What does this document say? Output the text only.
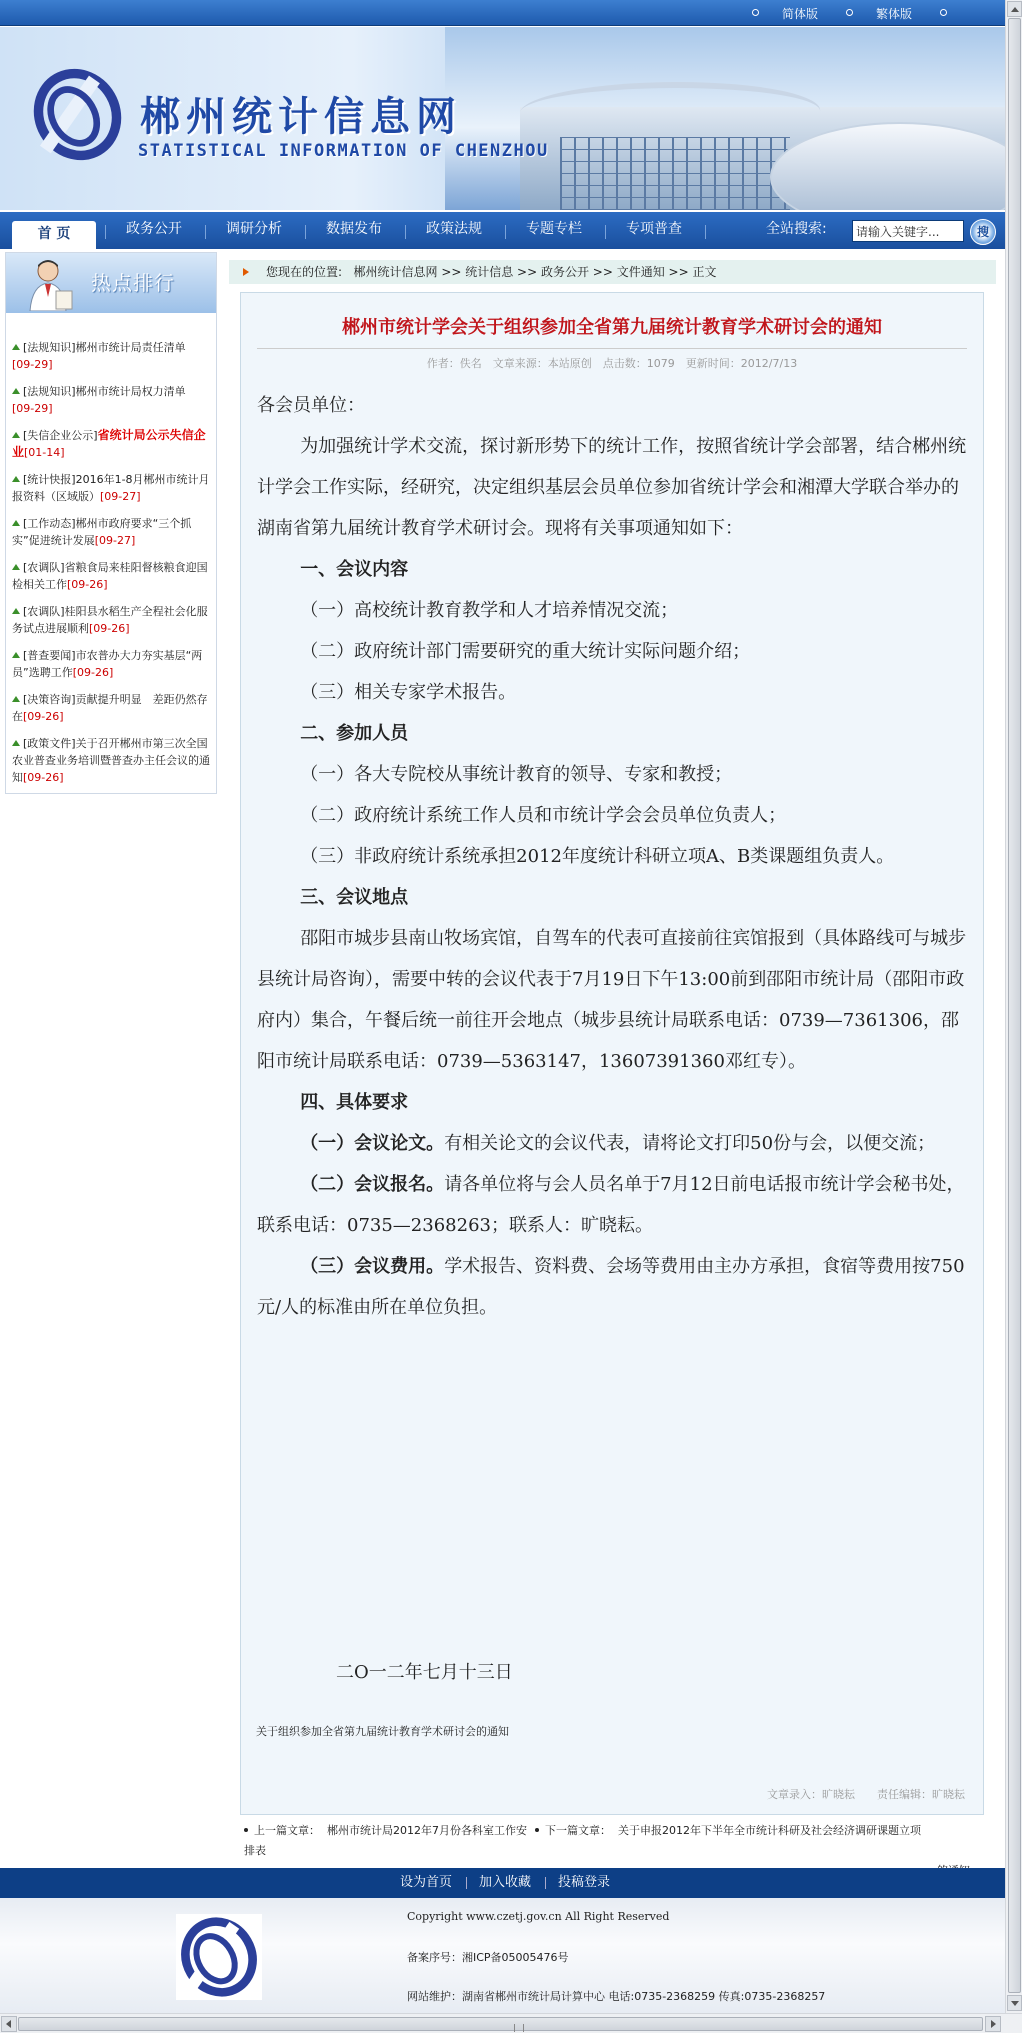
简体版	繁体版
郴州统计信息网
STATISTICAL INFORMATION OF CHENZHOU
首 页	政务公开	调研分析	数据发布	政策法规	专题专栏	专项普查	全站搜索:
请输入关键字...	搜
热点排行
[法规知识]郴州市统计局责任清单
[09-29]
[法规知识]郴州市统计局权力清单
[09-29]
[失信企业公示]省统计局公示失信企业[01-14]
[统计快报]2016年1-8月郴州市统计月报资料（区域版）[09-27]
[工作动态]郴州市政府要求“三个抓实”促进统计发展[09-27]
[农调队]省粮食局来桂阳督核粮食迎国检相关工作[09-26]
[农调队]桂阳县水稻生产全程社会化服务试点进展顺利[09-26]
[普查要闻]市农普办大力夯实基层“两员”选聘工作[09-26]
[决策咨询]贡献提升明显　差距仍然存在[09-26]
[政策文件]关于召开郴州市第三次全国农业普查业务培训暨普查办主任会议的通知[09-26]
您现在的位置: 郴州统计信息网 >> 统计信息 >> 政务公开 >> 文件通知 >> 正文
郴州市统计学会关于组织参加全省第九届统计教育学术研讨会的通知
作者：佚名　文章来源：本站原创　点击数：1079　更新时间：2012/7/13

各会员单位：

为加强统计学术交流，探讨新形势下的统计工作，按照省统计学会部署，结合郴州统计学会工作实际，经研究，决定组织基层会员单位参加省统计学会和湘潭大学联合举办的湖南省第九届统计教育学术研讨会。现将有关事项通知如下：

一、会议内容

（一）高校统计教育教学和人才培养情况交流；

（二）政府统计部门需要研究的重大统计实际问题介绍；

（三）相关专家学术报告。

二、参加人员

（一）各大专院校从事统计教育的领导、专家和教授；

（二）政府统计系统工作人员和市统计学会会员单位负责人；

（三）非政府统计系统承担2012年度统计科研立项A、B类课题组负责人。

三、会议地点

邵阳市城步县南山牧场宾馆，自驾车的代表可直接前往宾馆报到（具体路线可与城步县统计局咨询），需要中转的会议代表于7月19日下午13:00前到邵阳市统计局（邵阳市政府内）集合，午餐后统一前往开会地点（城步县统计局联系电话：0739—7361306，邵阳市统计局联系电话：0739—5363147，13607391360邓红专）。

四、具体要求

（一）会议论文。有相关论文的会议代表，请将论文打印50份与会，以便交流；

（二）会议报名。请各单位将与会人员名单于7月12日前电话报市统计学会秘书处，联系电话：0735—2368263；联系人：旷晓耘。

（三）会议费用。学术报告、资料费、会场等费用由主办方承担，食宿等费用按750元/人的标准由所在单位负担。

二O一二年七月十三日
关于组织参加全省第九届统计教育学术研讨会的通知
文章录入：旷晓耘　　责任编辑：旷晓耘
上一篇文章： 郴州市统计局2012年7月份各科室工作安 下一篇文章： 关于申报2012年下半年全市统计科研及社会经济调研课题立项
排表
设为首页 加入收藏 投稿登录
Copyright www.czetj.gov.cn All Right Reserved
备案序号：湘ICP备05005476号
网站维护：湖南省郴州市统计局计算中心 电话:0735-2368259 传真:0735-2368257
